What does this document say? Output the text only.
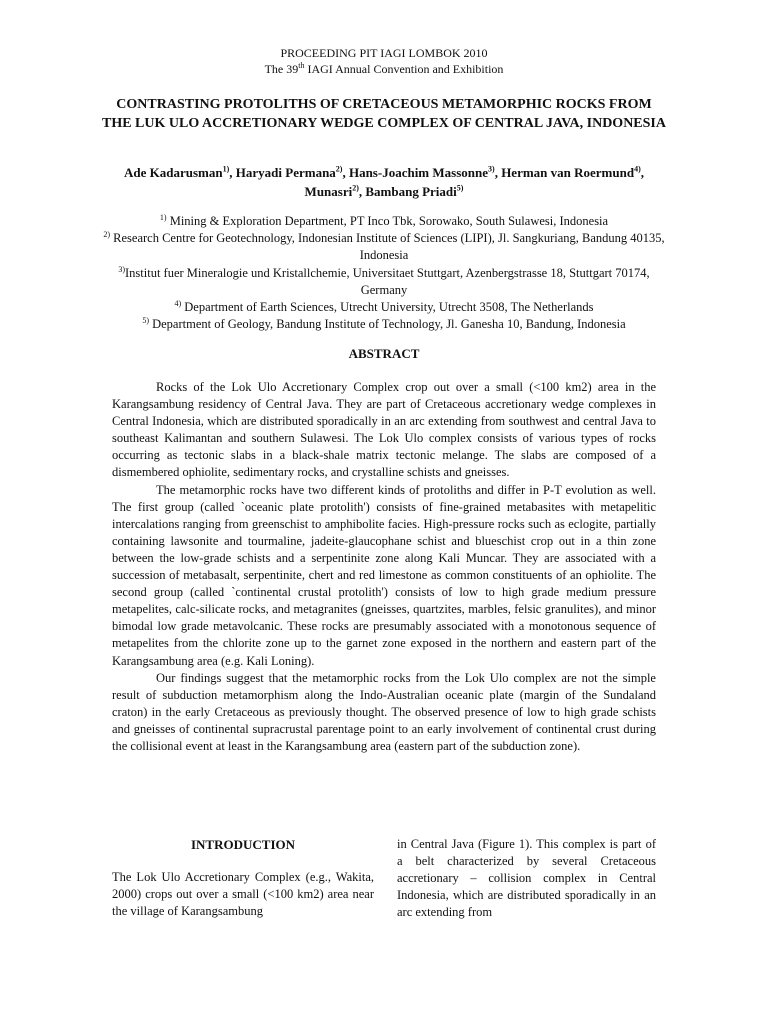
PROCEEDING PIT IAGI LOMBOK 2010
The 39th IAGI Annual Convention and Exhibition
CONTRASTING PROTOLITHS OF CRETACEOUS METAMORPHIC ROCKS FROM THE LUK ULO ACCRETIONARY WEDGE COMPLEX OF CENTRAL JAVA, INDONESIA
Ade Kadarusman$^{1)}$, Haryadi Permana$^{2)}$, Hans-Joachim Massonne$^{3)}$, Herman van Roermund$^{4)}$, Munasri$^{2)}$, Bambang Priadi$^{5)}$
$^{1)}$ Mining & Exploration Department, PT Inco Tbk, Sorowako, South Sulawesi, Indonesia
$^{2)}$ Research Centre for Geotechnology, Indonesian Institute of Sciences (LIPI), Jl. Sangkuriang, Bandung 40135, Indonesia
$^{3)}$Institut fuer Mineralogie und Kristallchemie, Universitaet Stuttgart, Azenbergstrasse 18, Stuttgart 70174, Germany
$^{4)}$ Department of Earth Sciences, Utrecht University, Utrecht 3508, The Netherlands
$^{5)}$ Department of Geology, Bandung Institute of Technology, Jl. Ganesha 10, Bandung, Indonesia
ABSTRACT

Rocks of the Lok Ulo Accretionary Complex crop out over a small (<100 km2) area in the Karangsambung residency of Central Java. They are part of Cretaceous accretionary wedge complexes in Central Indonesia, which are distributed sporadically in an arc extending from southwest and central Java to southeast Kalimantan and southern Sulawesi. The Lok Ulo complex consists of various types of rocks occurring as tectonic slabs in a black-shale matrix tectonic melange. The slabs are composed of a dismembered ophiolite, sedimentary rocks, and crystalline schists and gneisses.

The metamorphic rocks have two different kinds of protoliths and differ in P-T evolution as well. The first group (called `oceanic plate protolith') consists of fine-grained metabasites with metapelitic intercalations ranging from greenschist to amphibolite facies. High-pressure rocks such as eclogite, partially containing lawsonite and tourmaline, jadeite-glaucophane schist and blueschist crop out in a thin zone between the low-grade schists and a serpentinite zone along Kali Muncar. They are associated with a succession of metabasalt, serpentinite, chert and red limestone as common constituents of an ophiolite. The second group (called `continental crustal protolith') consists of low to high grade medium pressure metapelites, calc-silicate rocks, and metagranites (gneisses, quartzites, marbles, felsic granulites), and minor bimodal low grade metavolcanic. These rocks are presumably associated with a monotonous sequence of metapelites from the chlorite zone up to the garnet zone exposed in the northern and eastern part of the Karangsambung area (e.g. Kali Loning).

Our findings suggest that the metamorphic rocks from the Lok Ulo complex are not the simple result of subduction metamorphism along the Indo-Australian oceanic plate (margin of the Sundaland craton) in the early Cretaceous as previously thought. The observed presence of low to high grade schists and gneisses of continental supracrustal parentage point to an early involvement of continental crust during the collisional event at least in the Karangsambung area (eastern part of the subduction zone).

INTRODUCTION

The Lok Ulo Accretionary Complex (e.g., Wakita, 2000) crops out over a small (<100 km2) area near the village of Karangsambung

in Central Java (Figure 1). This complex is part of a belt characterized by several Cretaceous accretionary – collision complex in Central Indonesia, which are distributed sporadically in an arc extending from
